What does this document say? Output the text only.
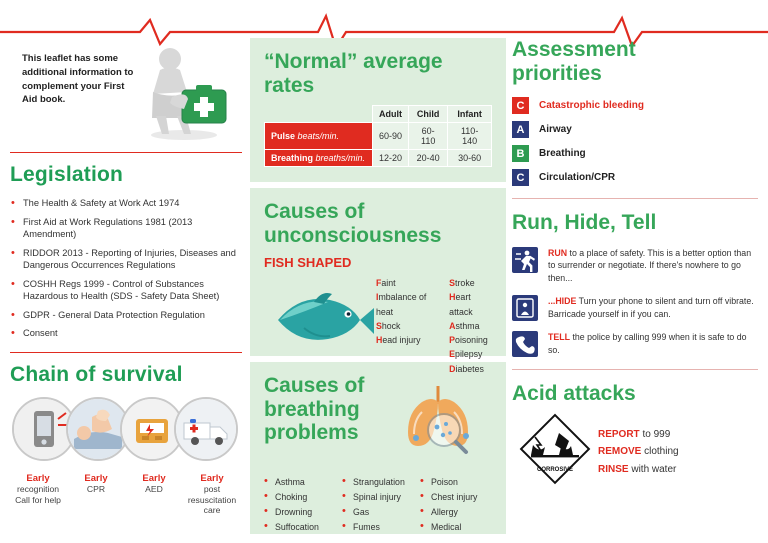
This leaflet has some additional information to complement your First Aid book.
Legislation
• The Health & Safety at Work Act 1974
• First Aid at Work Regulations 1981 (2013 Amendment)
• RIDDOR 2013 - Reporting of Injuries, Diseases and Dangerous Occurrences Regulations
• COSHH Regs 1999 - Control of Substances Hazardous to Health (SDS - Safety Data Sheet)
• GDPR - General Data Protection Regulation
• Consent
Chain of survival
Early
recognition
Call for help
Early
CPR
Early
AED
Early
post resuscitation care
“Normal” average rates
	Adult	Child	Infant
Pulse beats/min.	60-90	60-110	110-140
Breathing breaths/min.	12-20	20-40	30-60
Causes of unconsciousness
FISH SHAPED
Faint
Imbalance of heat
Shock
Head injury
Stroke
Heart attack
Asthma
Poisoning
Epilepsy
Diabetes
Causes of breathing problems
• Asthma
• Choking
• Drowning
• Suffocation
• Strangulation
• Spinal injury
• Gas
• Fumes
• Poison
• Chest injury
• Allergy
• Medical
Assessment priorities
C	Catastrophic bleeding
A	Airway
B	Breathing
C	Circulation/CPR
Run, Hide, Tell
RUN to a place of safety. This is a better option than to surrender or negotiate. If there's nowhere to go then...
...HIDE Turn your phone to silent and turn off vibrate. Barricade yourself in if you can.
TELL the police by calling 999 when it is safe to do so.
Acid attacks
CORROSIVE
REPORT to 999
REMOVE clothing
RINSE with water
